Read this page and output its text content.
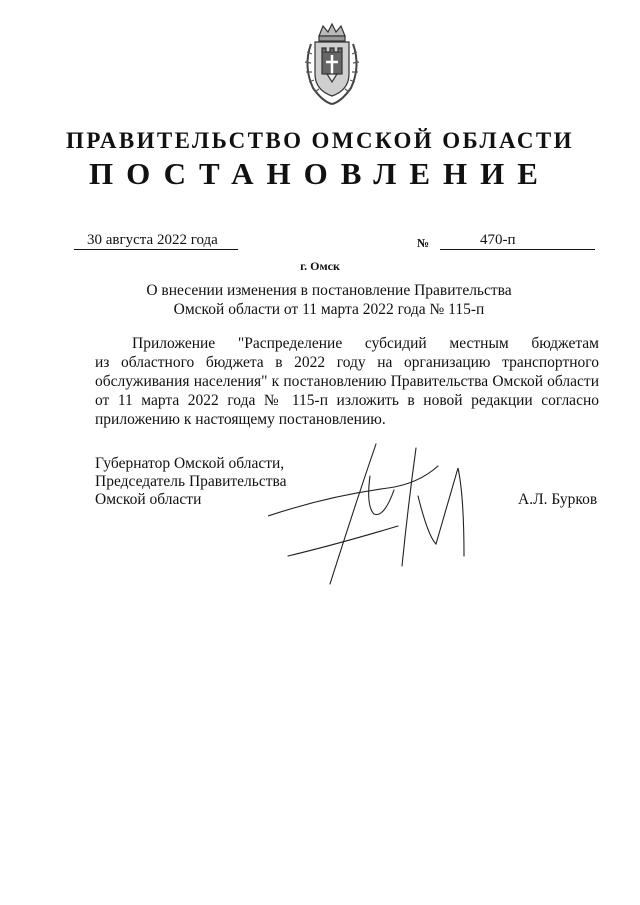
ПРАВИТЕЛЬСТВО ОМСКОЙ ОБЛАСТИ
ПОСТАНОВЛЕНИЕ
30 августа 2022 года	№	470-п
г. Омск
О внесении изменения в постановление Правительства
Омской области от 11 марта 2022 года № 115-п
Приложение "Распределение субсидий местным бюджетам
из областного бюджета в 2022 году на организацию транспортного
обслуживания населения" к постановлению Правительства Омской области
от 11 марта 2022 года № 115-п изложить в новой редакции согласно
приложению к настоящему постановлению.
Губернатор Омской области,
Председатель Правительства
Омской области	А.Л. Бурков
